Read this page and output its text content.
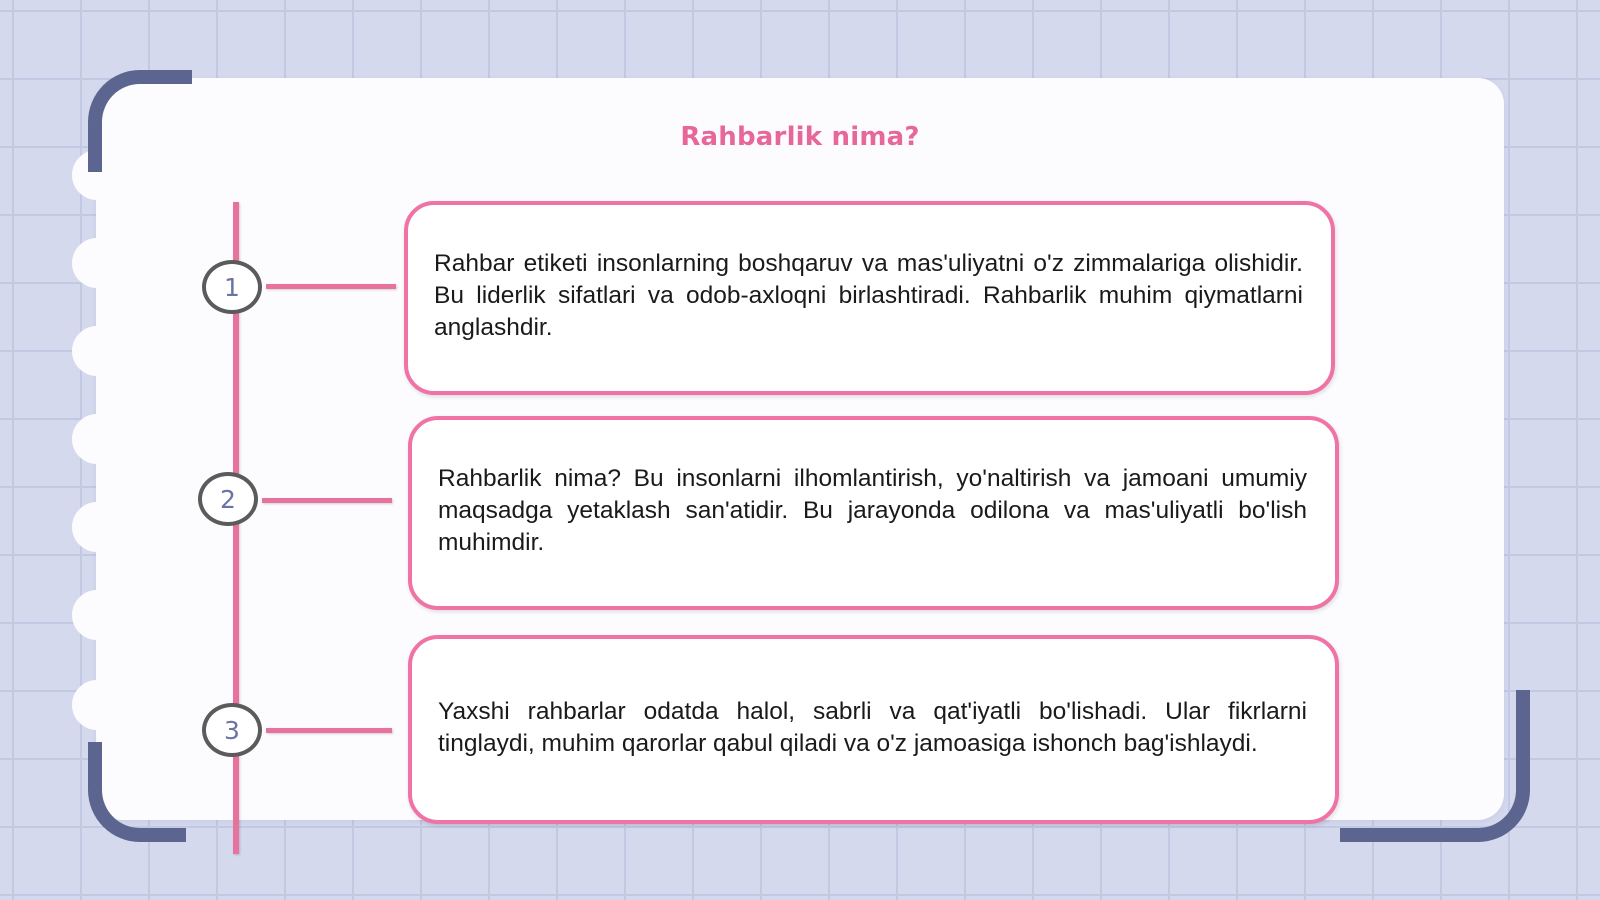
Rahbarlik nima?
1
Rahbar etiketi insonlarning boshqaruv va mas'uliyatni o'z zimmalariga olishidir. Bu liderlik sifatlari va odob-axloqni birlashtiradi. Rahbarlik muhim qiymatlarni anglashdir.
2
Rahbarlik nima? Bu insonlarni ilhomlantirish, yo'naltirish va jamoani umumiy maqsadga yetaklash san'atidir. Bu jarayonda odilona va mas'uliyatli bo'lish muhimdir.
3
Yaxshi rahbarlar odatda halol, sabrli va qat'iyatli bo'lishadi. Ular fikrlarni tinglaydi, muhim qarorlar qabul qiladi va o'z jamoasiga ishonch bag'ishlaydi.
